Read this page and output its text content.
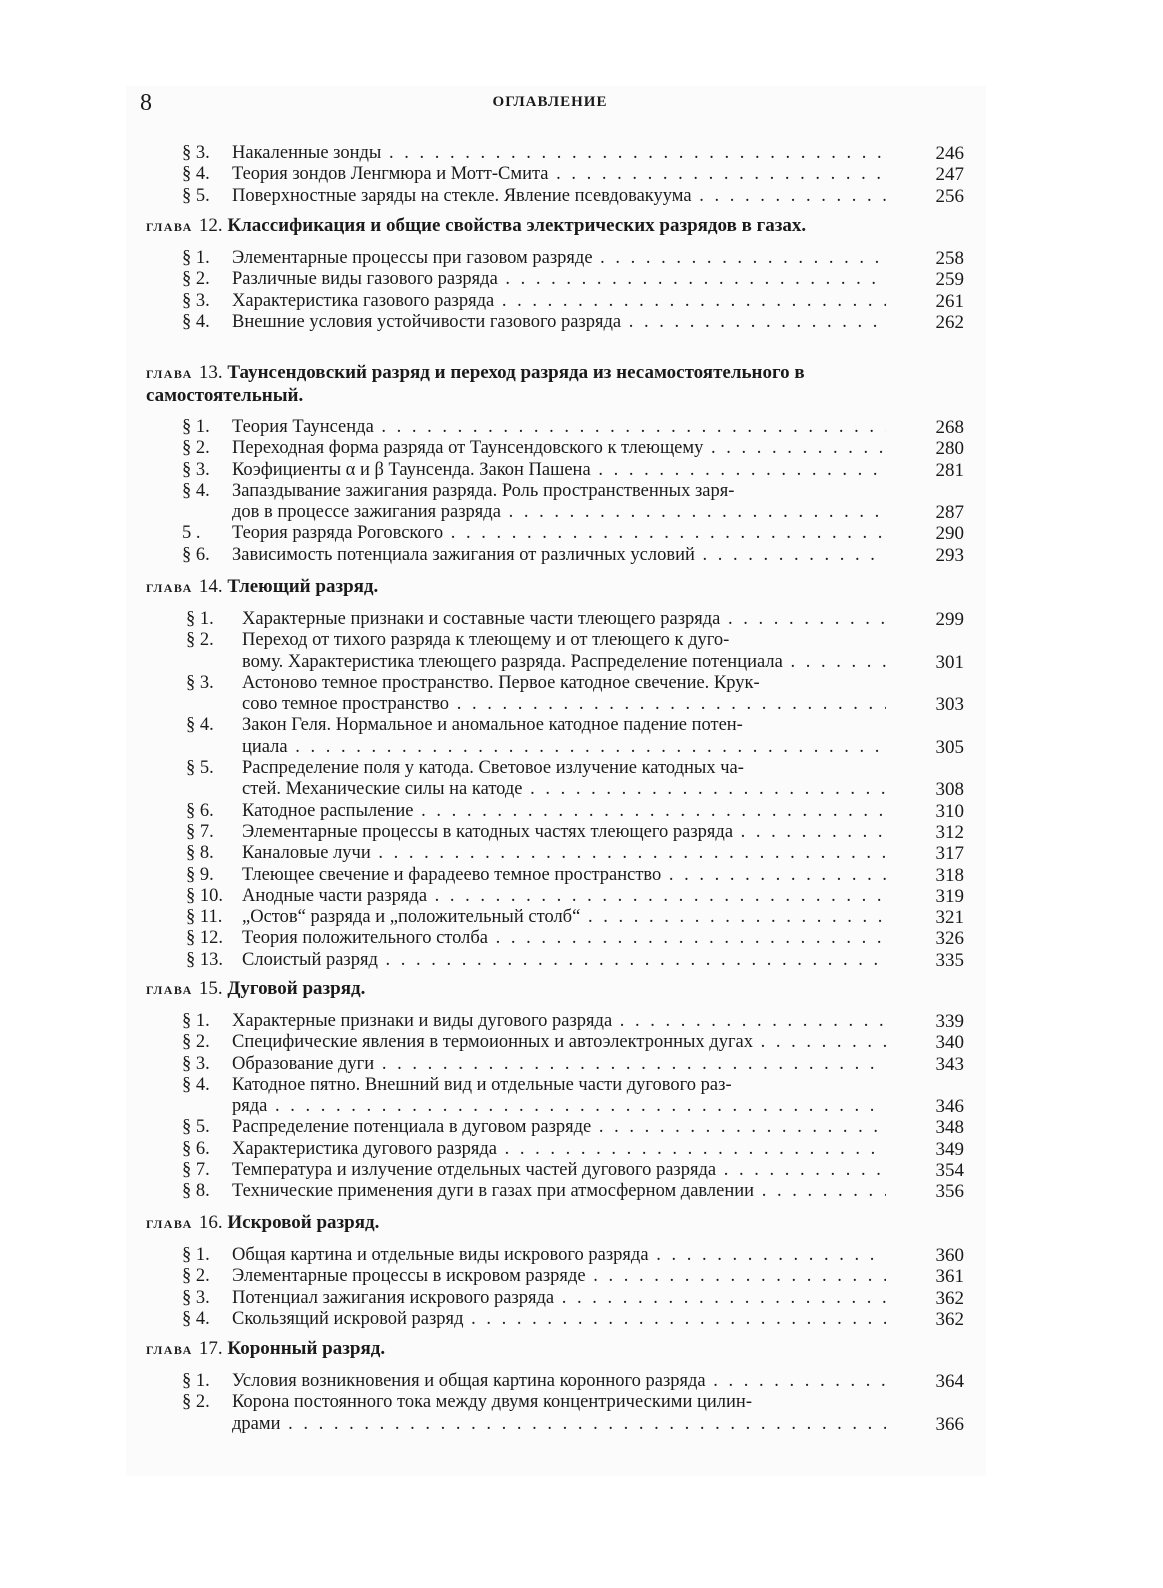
8	ОГЛАВЛЕНИЕ
§ 3. Накаленные зонды . . .	246
§ 4. Теория зондов Ленгмюра и Мотт-Смита . . .	247
§ 5. Поверхностные заряды на стекле. Явление псевдовакуума . . .	256
ГЛАВА 12. Классификация и общие свойства электрических разрядов в газах.
§ 1. Элементарные процессы при газовом разряде . . .	258
§ 2. Различные виды газового разряда . . .	259
§ 3. Характеристика газового разряда . . .	261
§ 4. Внешние условия устойчивости газового разряда . . .	262
ГЛАВА 13. Таунсендовский разряд и переход разряда из несамостоятельного в самостоятельный.
§ 1. Теория Таунсенда . . .	268
§ 2. Переходная форма разряда от Таунсендовского к тлеющему . . .	280
§ 3. Коэфициенты α и β Таунсенда. Закон Пашена . . .	281
§ 4. Запаздывание зажигания разряда. Роль пространственных заря-
дов в процессе зажигания разряда . . .	287
5 . Теория разряда Роговского . . .	290
§ 6. Зависимость потенциала зажигания от различных условий . . .	293
ГЛАВА 14. Тлеющий разряд.
§ 1. Характерные признаки и составные части тлеющего разряда . . .	299
§ 2. Переход от тихого разряда к тлеющему и от тлеющего к дуго-
вому. Характеристика тлеющего разряда. Распределение потенциала . . .	301
§ 3. Астоново темное пространство. Первое катодное свечение. Крук-
сово темное пространство . . .	303
§ 4. Закон Геля. Нормальное и аномальное катодное падение потен-
циала . . .	305
§ 5. Распределение поля у катода. Световое излучение катодных ча-
стей. Механические силы на катоде . . .	308
§ 6. Катодное распыление . . .	310
§ 7. Элементарные процессы в катодных частях тлеющего разряда . . .	312
§ 8. Каналовые лучи . . .	317
§ 9. Тлеющее свечение и фарадеево темное пространство . . .	318
§ 10. Анодные части разряда . . .	319
§ 11. „Остов“ разряда и „положительный столб“ . . .	321
§ 12. Теория положительного столба . . .	326
§ 13. Слоистый разряд . . .	335
ГЛАВА 15. Дуговой разряд.
§ 1. Характерные признаки и виды дугового разряда . . .	339
§ 2. Специфические явления в термоионных и автоэлектронных дугах . . .	340
§ 3. Образование дуги . . .	343
§ 4. Катодное пятно. Внешний вид и отдельные части дугового раз-
ряда . . .	346
§ 5. Распределение потенциала в дуговом разряде . . .	348
§ 6. Характеристика дугового разряда . . .	349
§ 7. Температура и излучение отдельных частей дугового разряда . . .	354
§ 8. Технические применения дуги в газах при атмосферном давлении . . .	356
ГЛАВА 16. Искровой разряд.
§ 1. Общая картина и отдельные виды искрового разряда . . .	360
§ 2. Элементарные процессы в искровом разряде . . .	361
§ 3. Потенциал зажигания искрового разряда . . .	362
§ 4. Скользящий искровой разряд . . .	362
ГЛАВА 17. Коронный разряд.
§ 1. Условия возникновения и общая картина коронного разряда . . .	364
§ 2. Корона постоянного тока между двумя концентрическими цилин-
драми . . .	366
